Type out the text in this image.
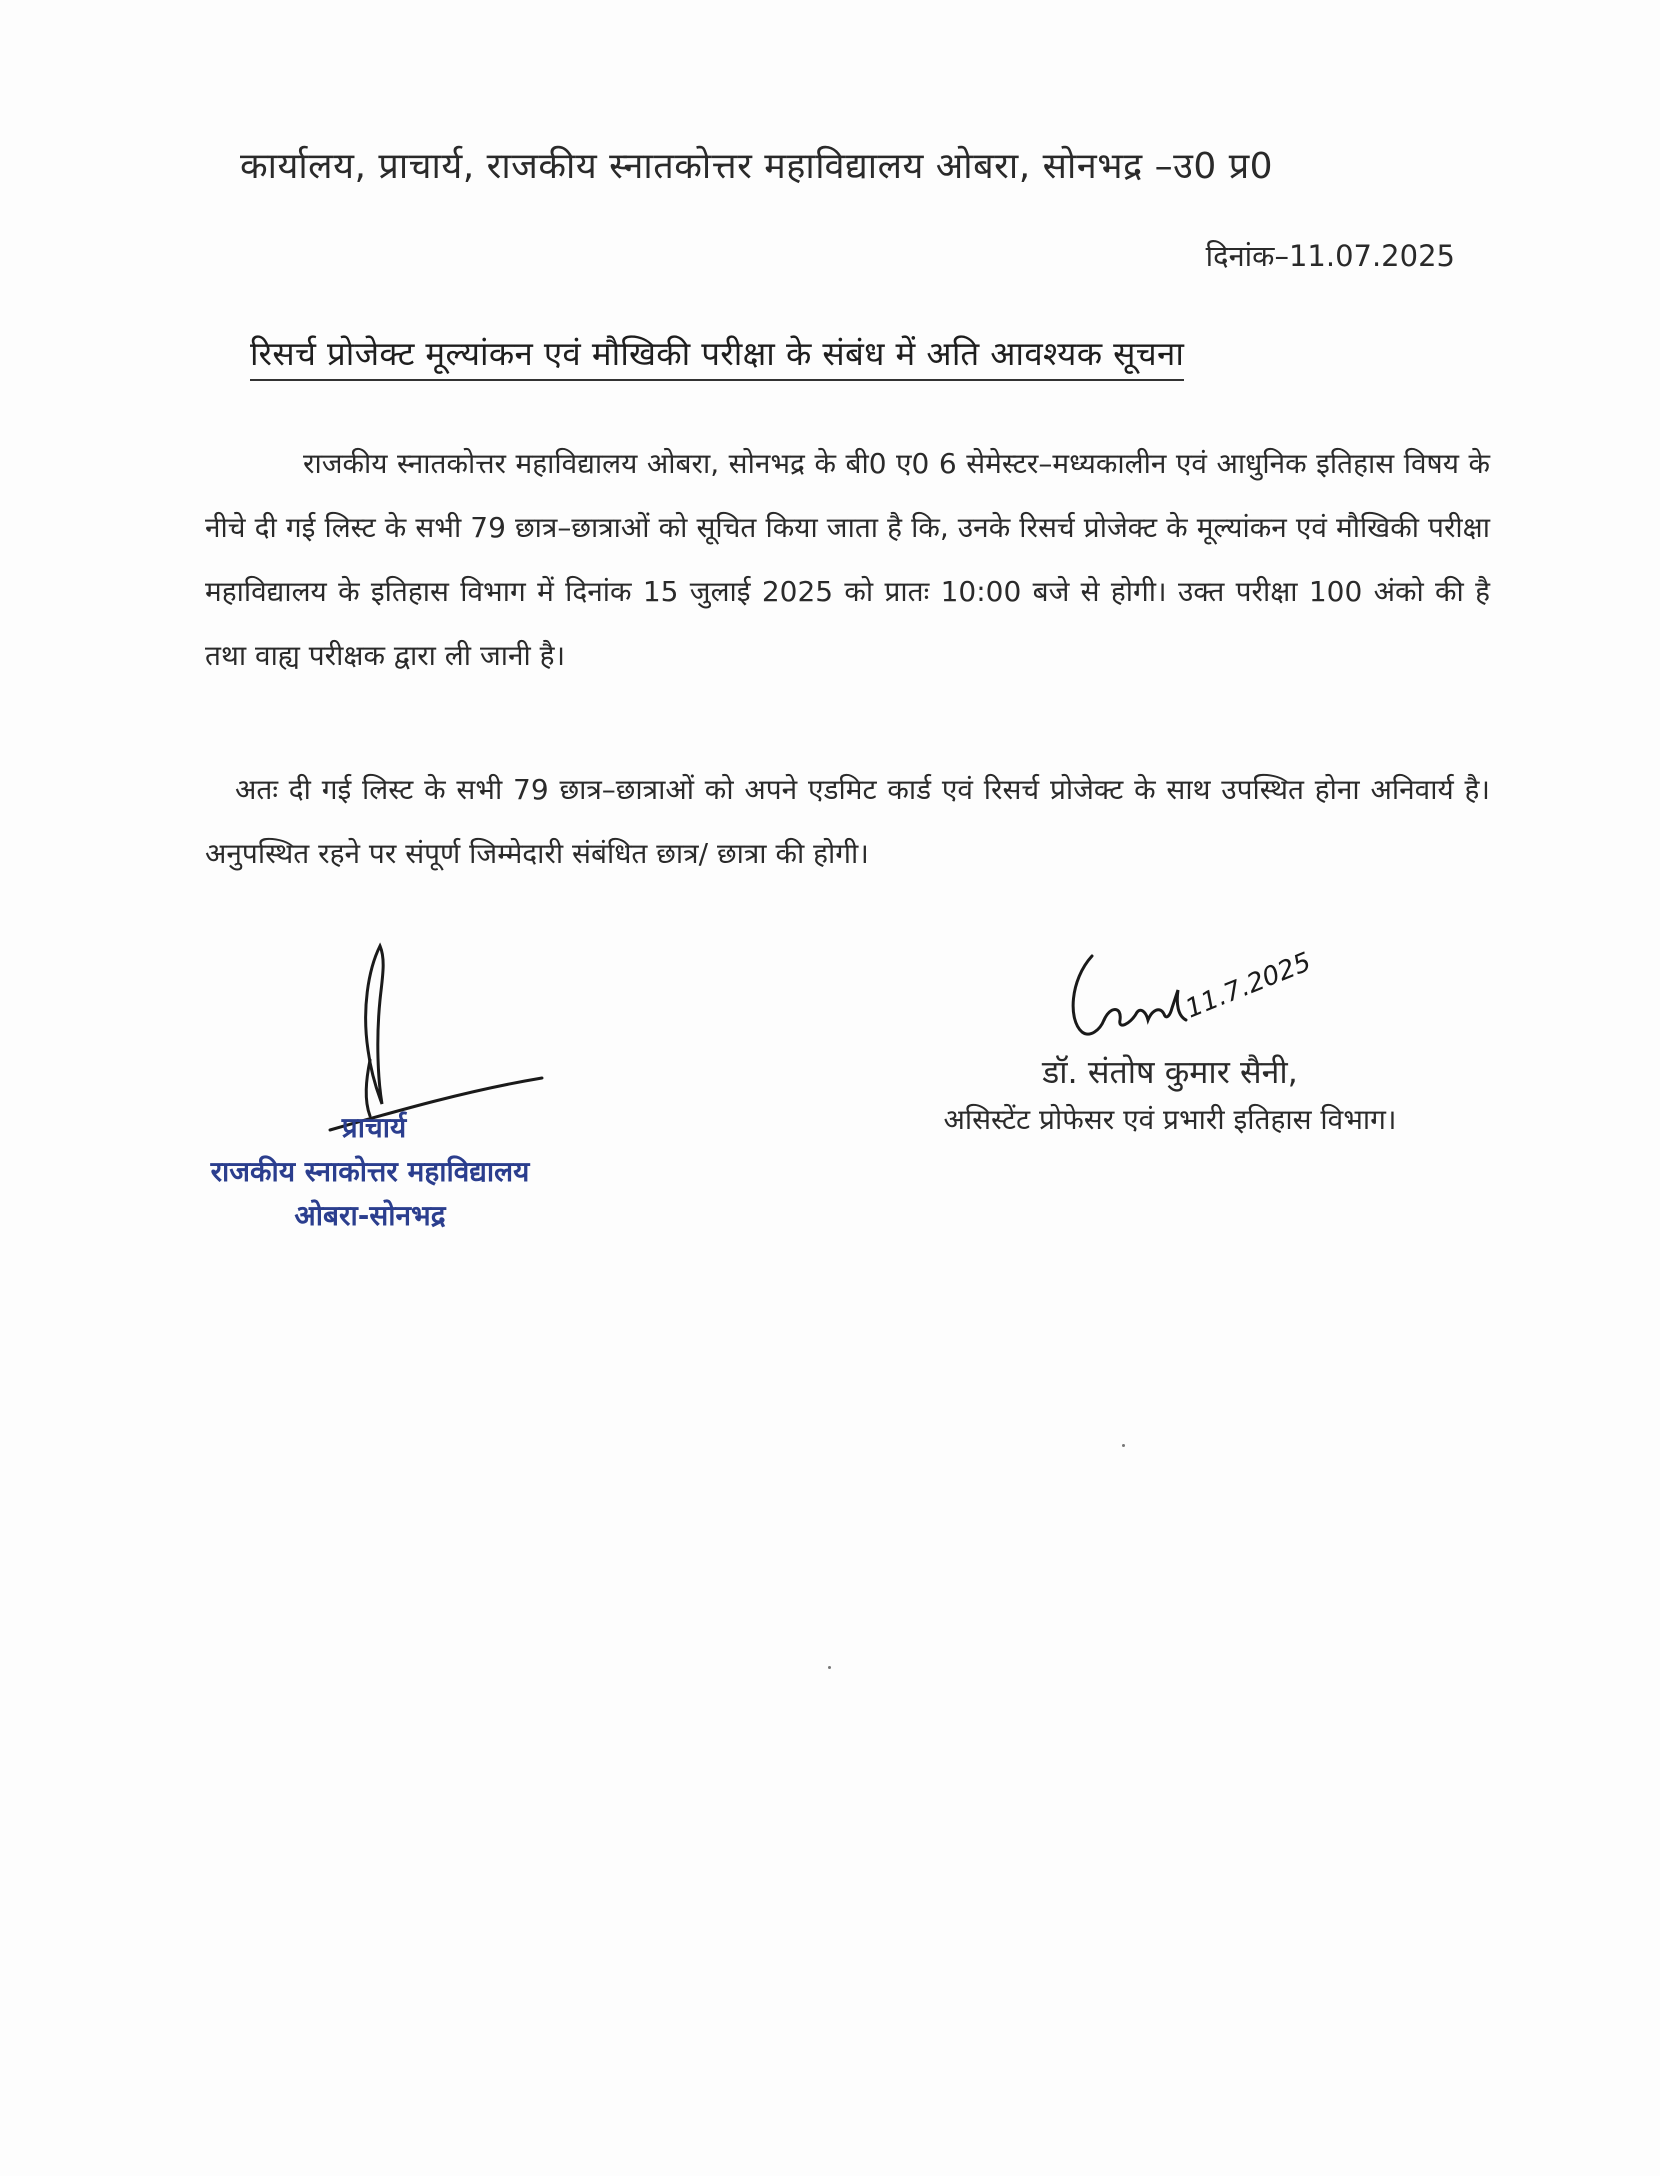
कार्यालय, प्राचार्य, राजकीय स्नातकोत्तर महाविद्यालय ओबरा, सोनभद्र –उ0 प्र0
दिनांक–11.07.2025
रिसर्च प्रोजेक्ट मूल्यांकन एवं मौखिकी परीक्षा के संबंध में अति आवश्यक सूचना
राजकीय स्नातकोत्तर महाविद्यालय ओबरा, सोनभद्र के बी0 ए0 6 सेमेस्टर–मध्यकालीन एवं आधुनिक इतिहास विषय के नीचे दी गई लिस्ट के सभी 79 छात्र–छात्राओं को सूचित किया जाता है कि, उनके रिसर्च प्रोजेक्ट के मूल्यांकन एवं मौखिकी परीक्षा महाविद्यालय के इतिहास विभाग में दिनांक 15 जुलाई 2025 को प्रातः 10:00 बजे से होगी। उक्त परीक्षा 100 अंको की है तथा वाह्य परीक्षक द्वारा ली जानी है।
अतः दी गई लिस्ट के सभी 79 छात्र–छात्राओं को अपने एडमिट कार्ड एवं रिसर्च प्रोजेक्ट के साथ उपस्थित होना अनिवार्य है। अनुपस्थित रहने पर संपूर्ण जिम्मेदारी संबंधित छात्र/ छात्रा की होगी।
प्राचार्य
राजकीय स्नाकोत्तर महाविद्यालय
ओबरा-सोनभद्र
11.7.2025
डॉ. संतोष कुमार सैनी,
असिस्टेंट प्रोफेसर एवं प्रभारी इतिहास विभाग।
